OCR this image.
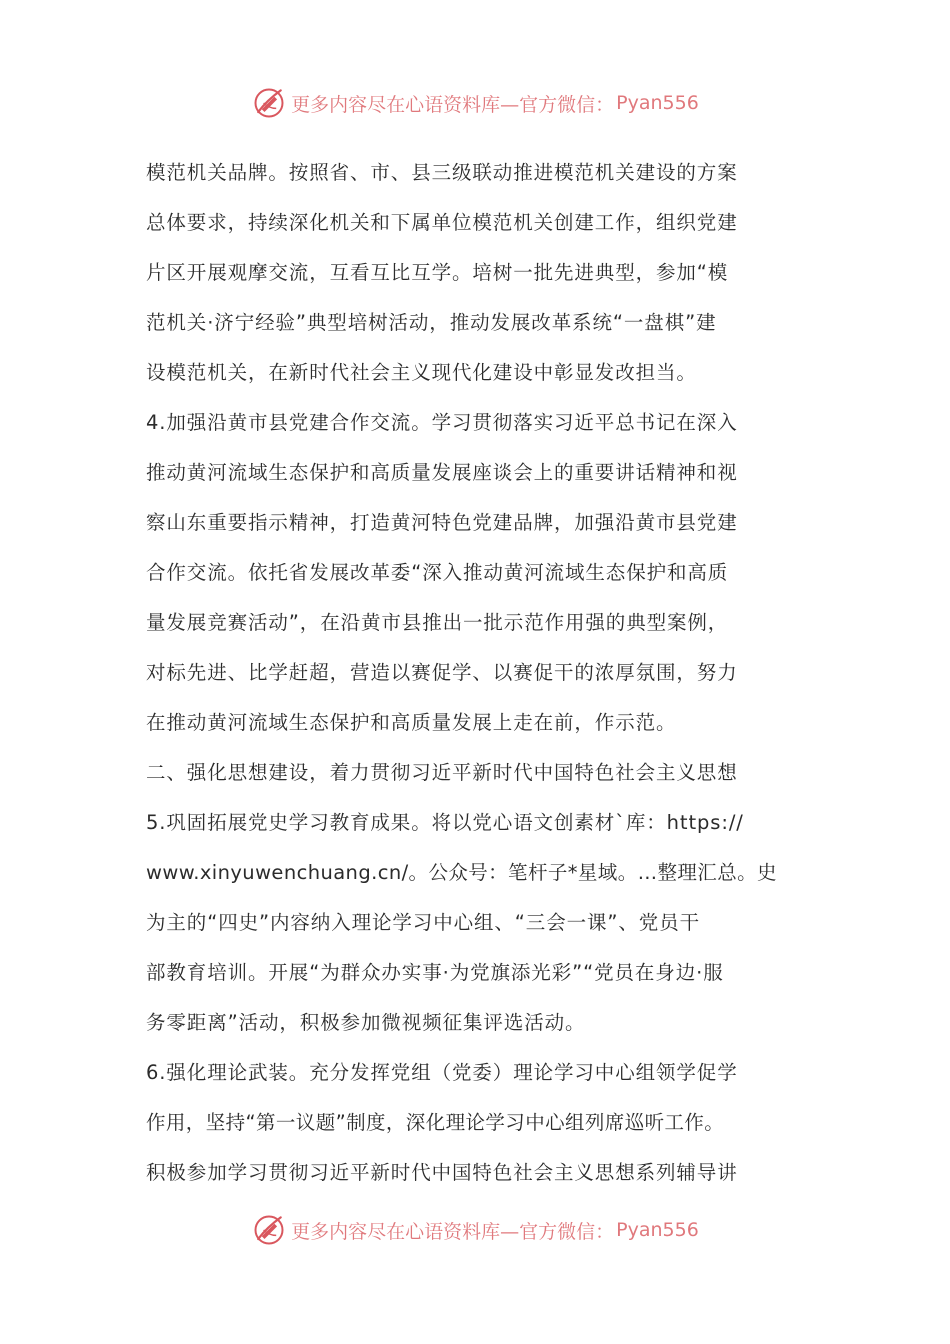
更多内容尽在心语资料库—官方微信： Pyan556
模范机关品牌。按照省、市、县三级联动推进模范机关建设的方案
总体要求，持续深化机关和下属单位模范机关创建工作，组织党建
片区开展观摩交流，互看互比互学。培树一批先进典型，参加“模
范机关·济宁经验”典型培树活动，推动发展改革系统“一盘棋”建
设模范机关，在新时代社会主义现代化建设中彰显发改担当。
4.加强沿黄市县党建合作交流。学习贯彻落实习近平总书记在深入
推动黄河流域生态保护和高质量发展座谈会上的重要讲话精神和视
察山东重要指示精神，打造黄河特色党建品牌，加强沿黄市县党建
合作交流。依托省发展改革委“深入推动黄河流域生态保护和高质
量发展竞赛活动”，在沿黄市县推出一批示范作用强的典型案例，
对标先进、比学赶超，营造以赛促学、以赛促干的浓厚氛围，努力
在推动黄河流域生态保护和高质量发展上走在前，作示范。
二、强化思想建设，着力贯彻习近平新时代中国特色社会主义思想
5.巩固拓展党史学习教育成果。将以党心语文创素材`库：https://
www.xinyuwenchuang.cn/。公众号：笔杆子*星域。…整理汇总。史
为主的“四史”内容纳入理论学习中心组、“三会一课”、党员干
部教育培训。开展“为群众办实事·为党旗添光彩”“党员在身边·服
务零距离”活动，积极参加微视频征集评选活动。
6.强化理论武装。充分发挥党组（党委）理论学习中心组领学促学
作用，坚持“第一议题”制度，深化理论学习中心组列席巡听工作。
积极参加学习贯彻习近平新时代中国特色社会主义思想系列辅导讲
更多内容尽在心语资料库—官方微信： Pyan556
